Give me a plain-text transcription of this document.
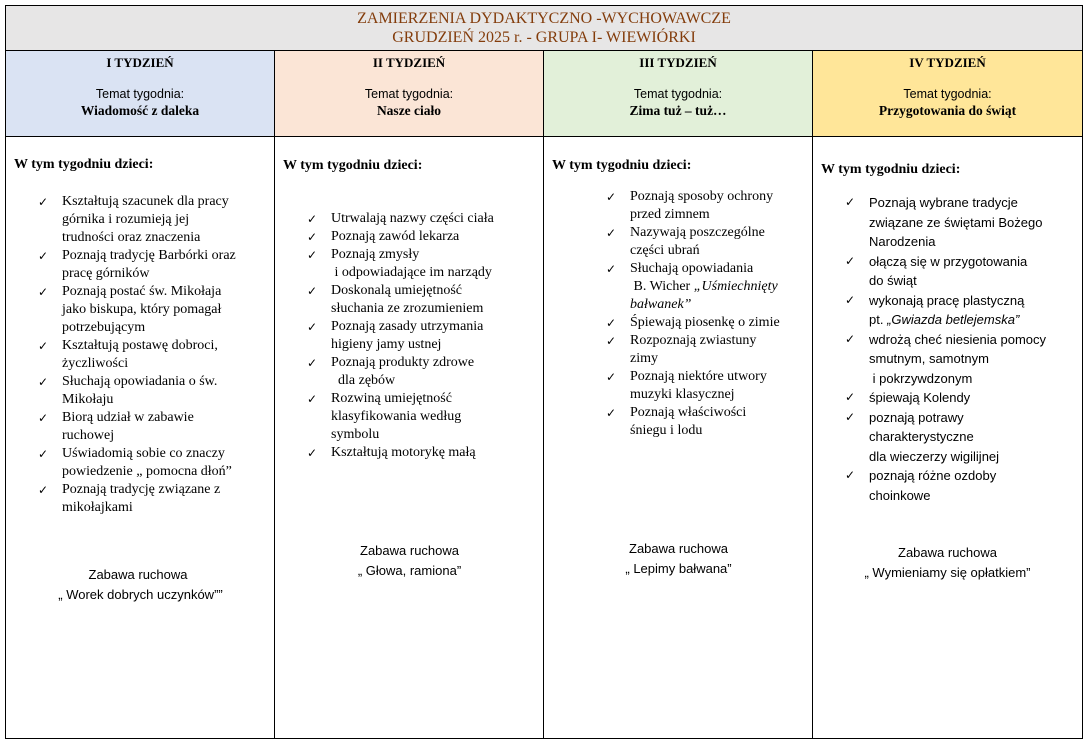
ZAMIERZENIA DYDAKTYCZNO -WYCHOWAWCZE
GRUDZIEŃ 2025 r. - GRUPA I- WIEWIÓRKI
I TYDZIEŃ
Temat tygodnia:
Wiadomość z daleka
II TYDZIEŃ
Temat tygodnia:
Nasze ciało
III TYDZIEŃ
Temat tygodnia:
Zima tuż – tuż…
IV TYDZIEŃ
Temat tygodnia:
Przygotowania do świąt
W tym tygodniu dzieci:
✓ Kształtują szacunek dla pracy
górnika i rozumieją jej
trudności oraz znaczenia
✓ Poznają tradycję Barbórki oraz
pracę górników
✓ Poznają postać św. Mikołaja
jako biskupa, który pomagał
potrzebującym
✓ Kształtują postawę dobroci,
życzliwości
✓ Słuchają opowiadania o św.
Mikołaju
✓ Biorą udział w zabawie
ruchowej
✓ Uświadomią sobie co znaczy
powiedzenie „ pomocna dłoń”
✓ Poznają tradycję związane z
mikołajkami
Zabawa ruchowa
„ Worek dobrych uczynków””
W tym tygodniu dzieci:
✓ Utrwalają nazwy części ciała
✓ Poznają zawód lekarza
✓ Poznają zmysły
i odpowiadające im narządy
✓ Doskonalą umiejętność
słuchania ze zrozumieniem
✓ Poznają zasady utrzymania
higieny jamy ustnej
✓ Poznają produkty zdrowe
dla zębów
✓ Rozwiną umiejętność
klasyfikowania według
symbolu
✓ Kształtują motorykę małą
Zabawa ruchowa
„ Głowa, ramiona”
W tym tygodniu dzieci:
✓ Poznają sposoby ochrony
przed zimnem
✓ Nazywają poszczególne
części ubrań
✓ Słuchają opowiadania
B. Wicher „Uśmiechnięty
bałwanek”
✓ Śpiewają piosenkę o zimie
✓ Rozpoznają zwiastuny
zimy
✓ Poznają niektóre utwory
muzyki klasycznej
✓ Poznają właściwości
śniegu i lodu
Zabawa ruchowa
„ Lepimy bałwana”
W tym tygodniu dzieci:
✓ Poznają wybrane tradycje
związane ze świętami Bożego
Narodzenia
✓ ołączą się w przygotowania
do świąt
✓ wykonają pracę plastyczną
pt. „Gwiazda betlejemska”
✓ wdrożą cheć niesienia pomocy
smutnym, samotnym
i pokrzywdzonym
✓ śpiewają Kolendy
✓ poznają potrawy
charakterystyczne
dla wieczerzy wigilijnej
✓ poznają różne ozdoby
choinkowe
Zabawa ruchowa
„ Wymieniamy się opłatkiem”
